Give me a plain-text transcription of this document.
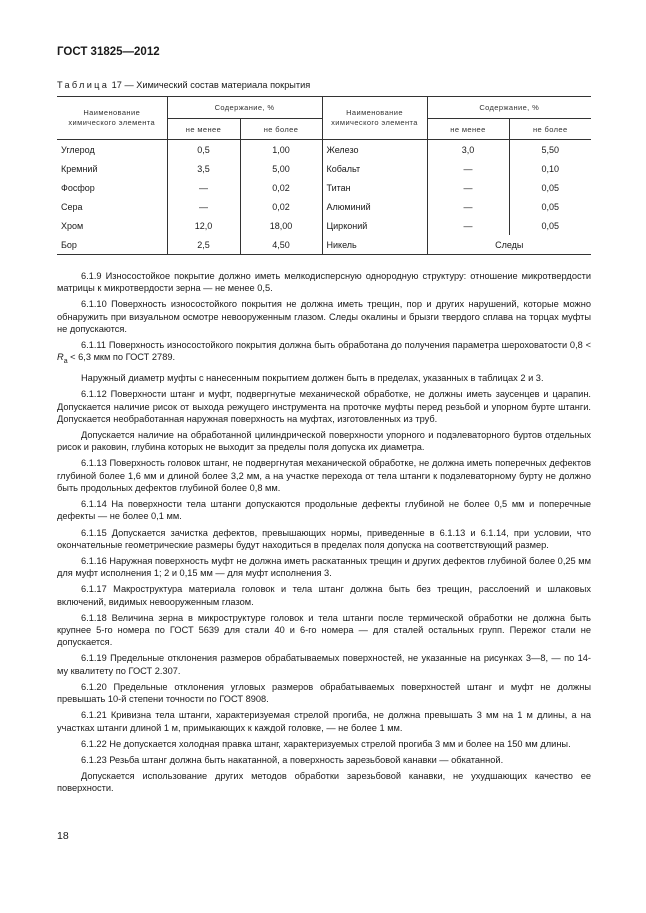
ГОСТ 31825—2012
Таблица 17 — Химический состав материала покрытия
Наименование химического элемента	Содержание, %		Наименование химического элемента	Содержание, %	
	не менее	не более		не менее	не более
Углерод	0,5	1,00	Железо	3,0	5,50
Кремний	3,5	5,00	Кобальт	—	0,10
Фосфор	—	0,02	Титан	—	0,05
Сера	—	0,02	Алюминий	—	0,05
Хром	12,0	18,00	Цирконий	—	0,05
Бор	2,5	4,50	Никель	Следы	

6.1.9 Износостойкое покрытие должно иметь мелкодисперсную однородную структуру: отношение микротвердости матрицы к микротвердости зерна — не менее 0,5.

6.1.10 Поверхность износостойкого покрытия не должна иметь трещин, пор и других нарушений, которые можно обнаружить при визуальном осмотре невооруженным глазом. Следы окалины и брызги твердого сплава на торцах муфты не допускаются.

6.1.11 Поверхность износостойкого покрытия должна быть обработана до получения параметра шероховатости $0,8 < R_a < 6,3$ мкм по ГОСТ 2789.

Наружный диаметр муфты с нанесенным покрытием должен быть в пределах, указанных в таблицах 2 и 3.

6.1.12 Поверхности штанг и муфт, подвергнутые механической обработке, не должны иметь заусенцев и царапин. Допускается наличие рисок от выхода режущего инструмента на проточке муфты перед резьбой и упорном бурте штанги. Допускается необработанная наружная поверхность на муфтах, изготовленных из труб.

Допускается наличие на обработанной цилиндрической поверхности упорного и подэлеваторного буртов отдельных рисок и раковин, глубина которых не выходит за пределы поля допуска их диаметра.

6.1.13 Поверхность головок штанг, не подвергнутая механической обработке, не должна иметь поперечных дефектов глубиной более 1,6 мм и длиной более 3,2 мм, а на участке перехода от тела штанги к подэлеваторному бурту не должно быть продольных дефектов глубиной более 0,8 мм.

6.1.14 На поверхности тела штанги допускаются продольные дефекты глубиной не более 0,5 мм и поперечные дефекты — не более 0,1 мм.

6.1.15 Допускается зачистка дефектов, превышающих нормы, приведенные в 6.1.13 и 6.1.14, при условии, что окончательные геометрические размеры будут находиться в пределах поля допуска на соответствующий размер.

6.1.16 Наружная поверхность муфт не должна иметь раскатанных трещин и других дефектов глубиной более 0,25 мм для муфт исполнения 1; 2 и 0,15 мм — для муфт исполнения 3.

6.1.17 Макроструктура материала головок и тела штанг должна быть без трещин, расслоений и шлаковых включений, видимых невооруженным глазом.

6.1.18 Величина зерна в микроструктуре головок и тела штанги после термической обработки не должна быть крупнее 5-го номера по ГОСТ 5639 для стали 40 и 6-го номера — для сталей остальных групп. Пережог стали не допускается.

6.1.19 Предельные отклонения размеров обрабатываемых поверхностей, не указанные на рисунках 3—8, — по 14-му квалитету по ГОСТ 2.307.

6.1.20 Предельные отклонения угловых размеров обрабатываемых поверхностей штанг и муфт не должны превышать 10-й степени точности по ГОСТ 8908.

6.1.21 Кривизна тела штанги, характеризуемая стрелой прогиба, не должна превышать 3 мм на 1 м длины, а на участках штанги длиной 1 м, примыкающих к каждой головке, — не более 1 мм.

6.1.22 Не допускается холодная правка штанг, характеризуемых стрелой прогиба 3 мм и более на 150 мм длины.

6.1.23 Резьба штанг должна быть накатанной, а поверхность зарезьбовой канавки — обкатанной.

Допускается использование других методов обработки зарезьбовой канавки, не ухудшающих качество ее поверхности.

18
